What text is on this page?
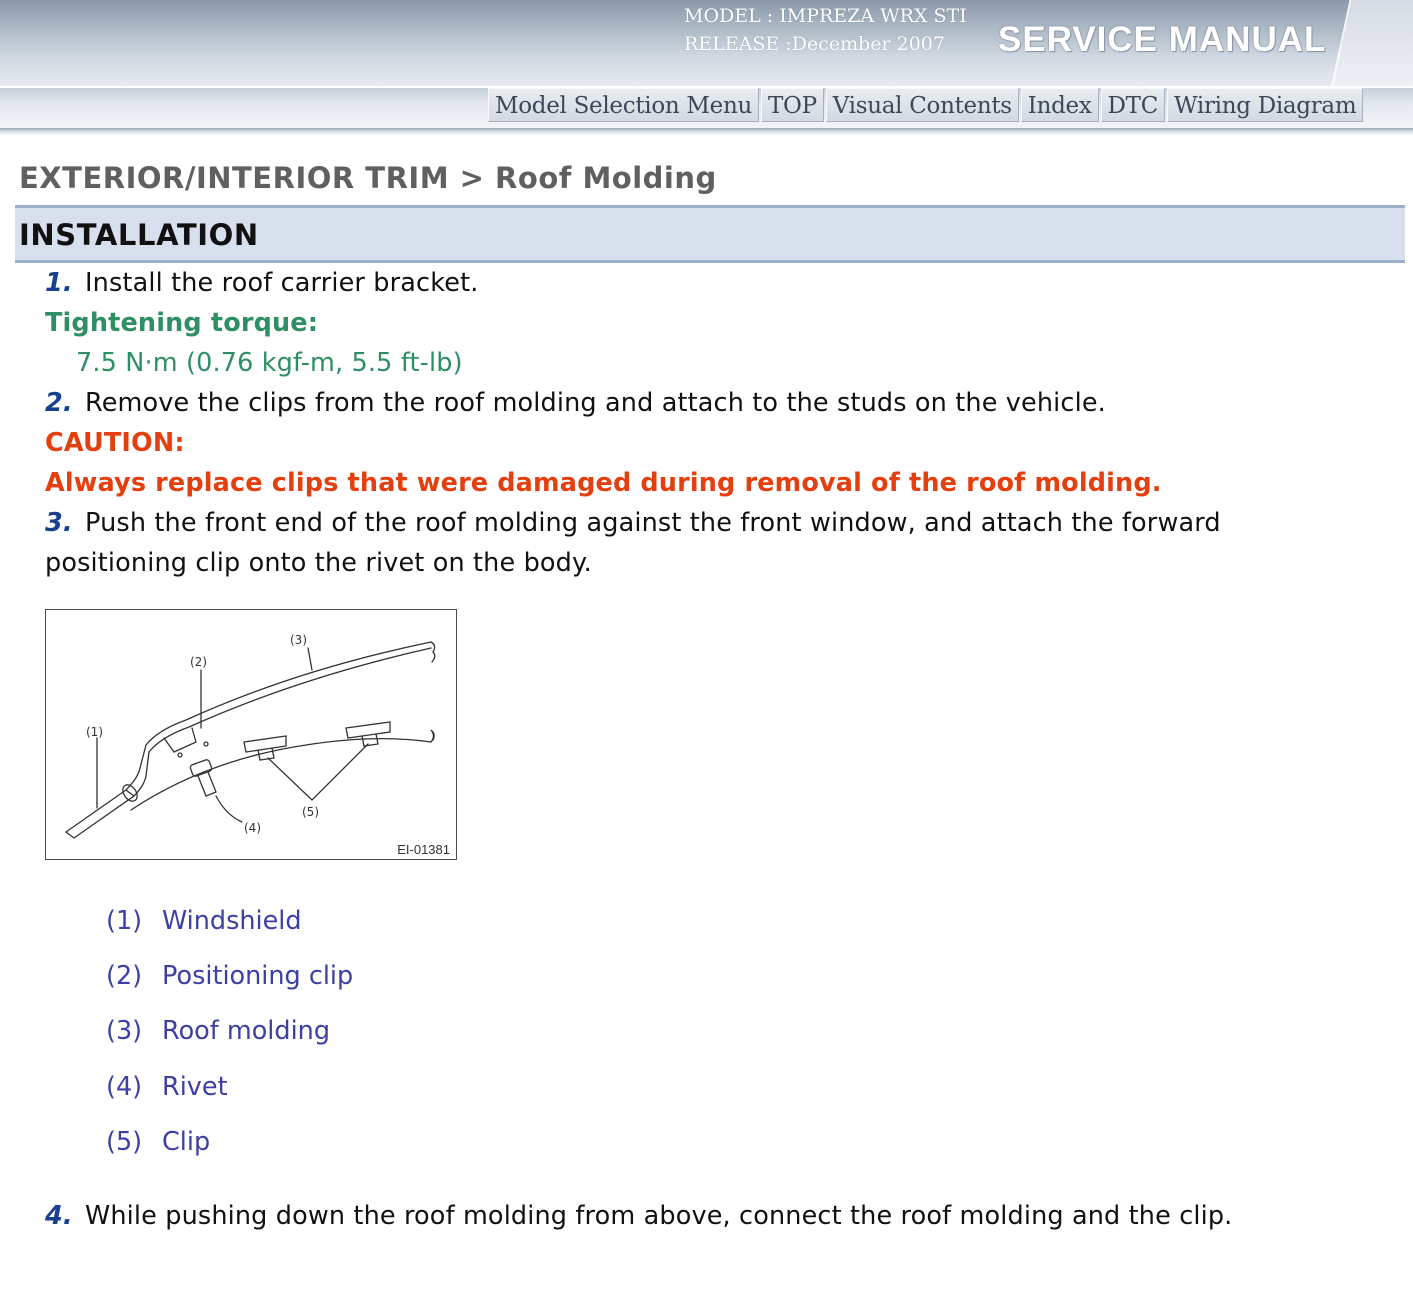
MODEL : IMPREZA WRX STI
RELEASE :December 2007	SERVICE MANUAL
Model Selection Menu TOP Visual Contents Index DTC Wiring Diagram
EXTERIOR/INTERIOR TRIM > Roof Molding
INSTALLATION
1. Install the roof carrier bracket.
Tightening torque:
7.5 N·m (0.76 kgf-m, 5.5 ft-lb)
2. Remove the clips from the roof molding and attach to the studs on the vehicle.
CAUTION:
Always replace clips that were damaged during removal of the roof molding.
3. Push the front end of the roof molding against the front window, and attach the forward
positioning clip onto the rivet on the body.
(1)
(2)
(3)
(4)
(5)
EI-01381
(1) Windshield
(2) Positioning clip
(3) Roof molding
(4) Rivet
(5) Clip
4. While pushing down the roof molding from above, connect the roof molding and the clip.
